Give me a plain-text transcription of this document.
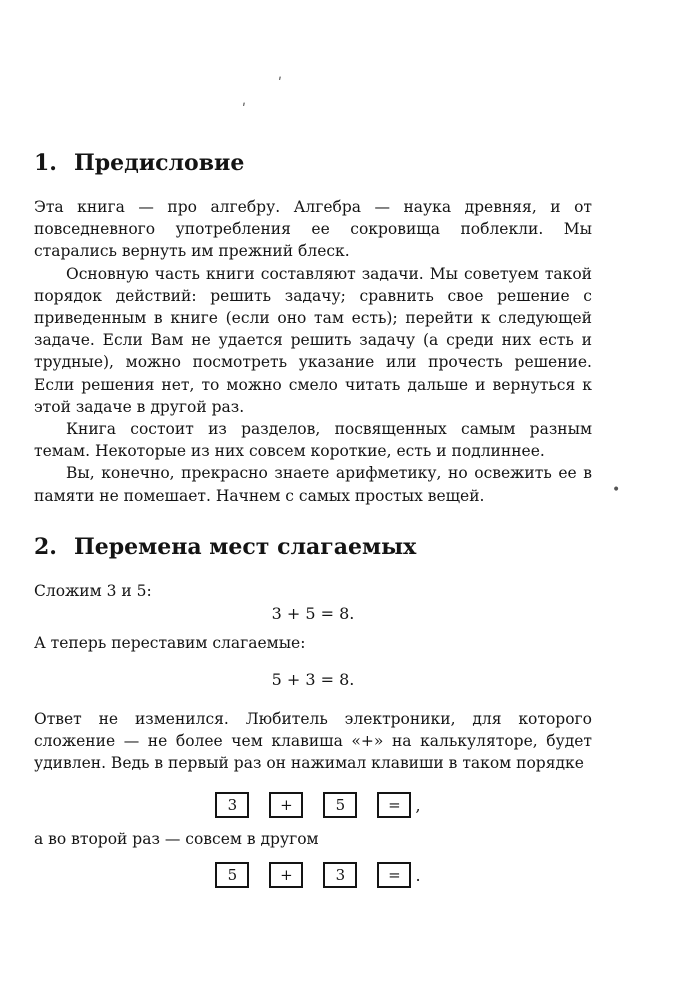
ʹ
ʹ
•
1. Предисловие

Эта книга — про алгебру. Алгебра — наука древняя, и от повседневного употребления ее сокровища поблекли. Мы старались вернуть им прежний блеск.

Основную часть книги составляют задачи. Мы советуем такой порядок действий: решить задачу; сравнить свое решение с приведенным в книге (если оно там есть); перейти к следующей задаче. Если Вам не удается решить задачу (а среди них есть и трудные), можно посмотреть указание или прочесть решение. Если решения нет, то можно смело читать дальше и вернуться к этой задаче в другой раз.

Книга состоит из разделов, посвященных самым разным темам. Некоторые из них совсем короткие, есть и подлиннее.

Вы, конечно, прекрасно знаете арифметику, но освежить ее в памяти не помешает. Начнем с самых простых вещей.

2. Перемена мест слагаемых
Сложим 3 и 5:
3 + 5 = 8.
А теперь переставим слагаемые:
5 + 3 = 8.

Ответ не изменился. Любитель электроники, для которого сложение — не более чем клавиша «+» на калькуляторе, будет удивлен. Ведь в первый раз он нажимал клавиши в таком порядке

3	+	5	= ,
а во второй раз — совсем в другом
5	+	3	= .
